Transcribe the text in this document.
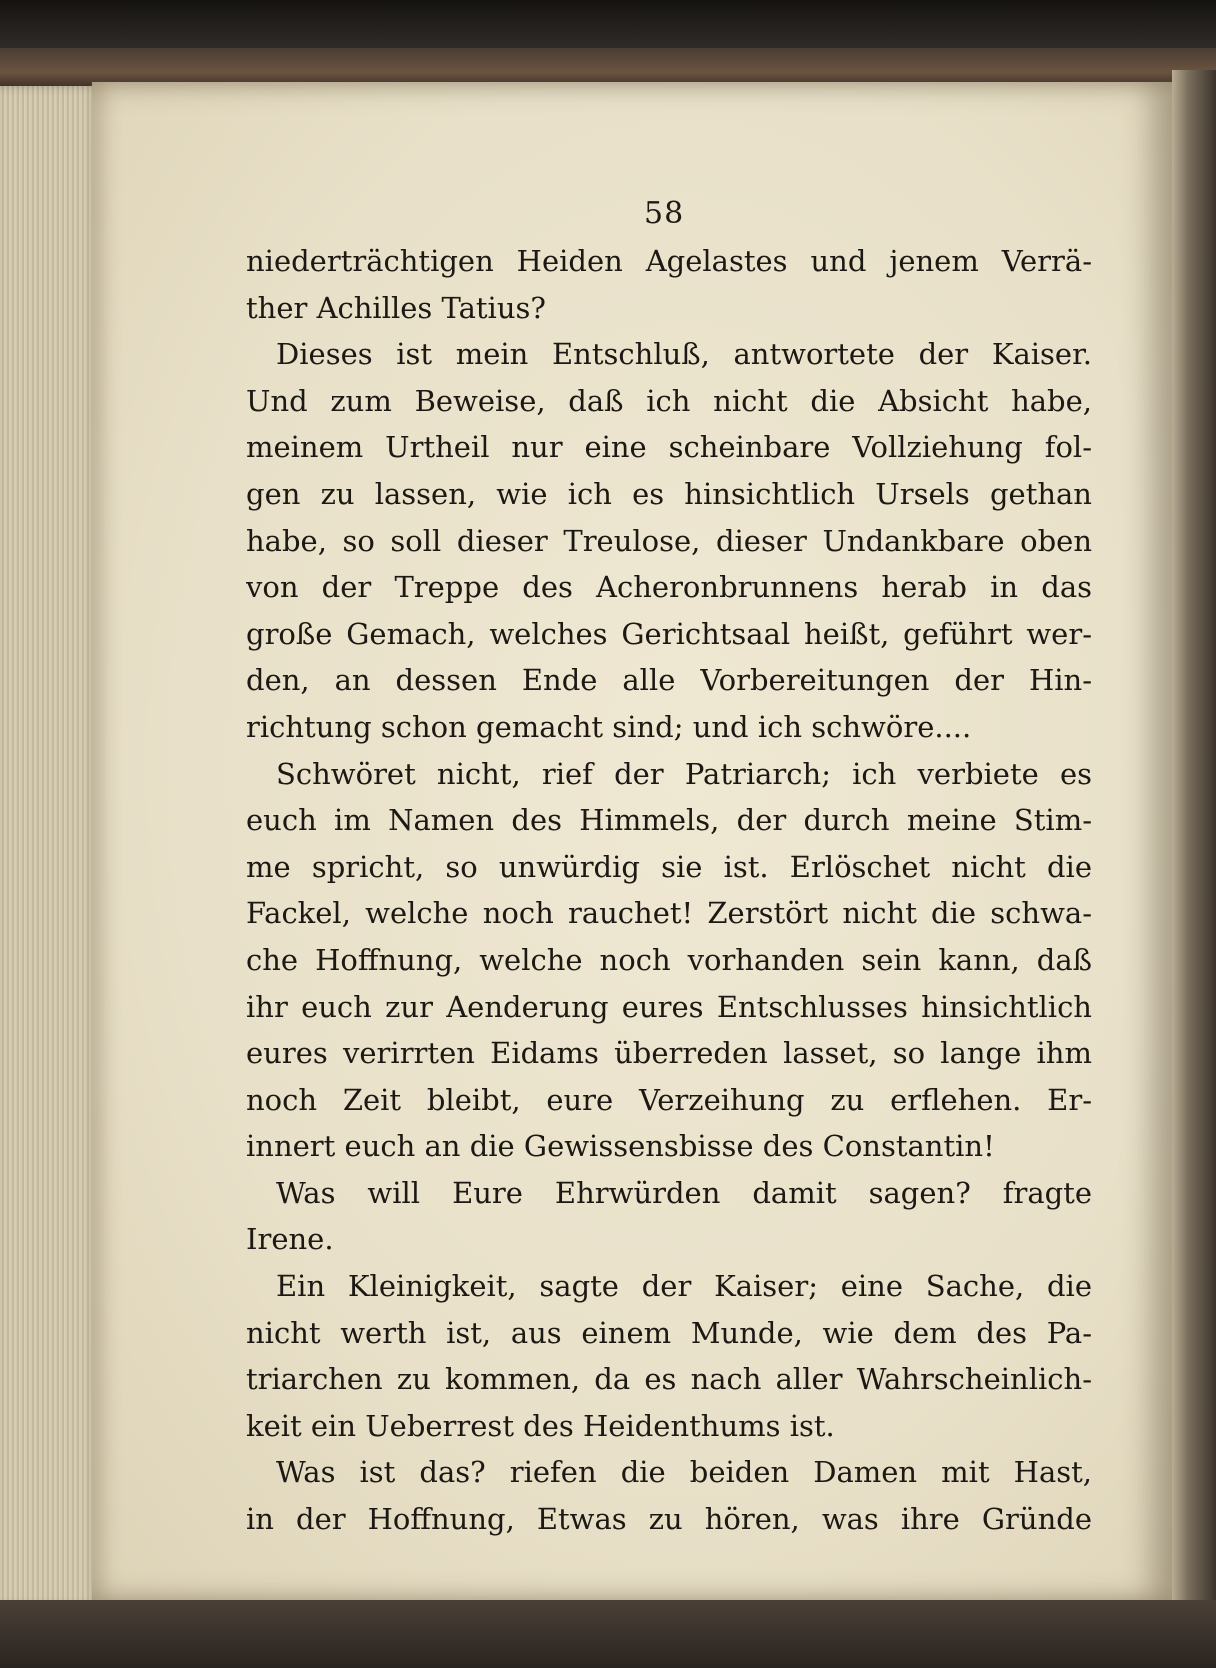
58
niederträchtigen Heiden Agelastes und jenem Verrä-
ther Achilles Tatius?
Dieses ist mein Entschluß, antwortete der Kaiser.
Und zum Beweise, daß ich nicht die Absicht habe,
meinem Urtheil nur eine scheinbare Vollziehung fol-
gen zu lassen, wie ich es hinsichtlich Ursels gethan
habe, so soll dieser Treulose, dieser Undankbare oben
von der Treppe des Acheronbrunnens herab in das
große Gemach, welches Gerichtsaal heißt, geführt wer-
den, an dessen Ende alle Vorbereitungen der Hin-
richtung schon gemacht sind; und ich schwöre....
Schwöret nicht, rief der Patriarch; ich verbiete es
euch im Namen des Himmels, der durch meine Stim-
me spricht, so unwürdig sie ist. Erlöschet nicht die
Fackel, welche noch rauchet! Zerstört nicht die schwa-
che Hoffnung, welche noch vorhanden sein kann, daß
ihr euch zur Aenderung eures Entschlusses hinsichtlich
eures verirrten Eidams überreden lasset, so lange ihm
noch Zeit bleibt, eure Verzeihung zu erflehen. Er-
innert euch an die Gewissensbisse des Constantin!
Was will Eure Ehrwürden damit sagen? fragte
Irene.
Ein Kleinigkeit, sagte der Kaiser; eine Sache, die
nicht werth ist, aus einem Munde, wie dem des Pa-
triarchen zu kommen, da es nach aller Wahrscheinlich-
keit ein Ueberrest des Heidenthums ist.
Was ist das? riefen die beiden Damen mit Hast,
in der Hoffnung, Etwas zu hören, was ihre Gründe
